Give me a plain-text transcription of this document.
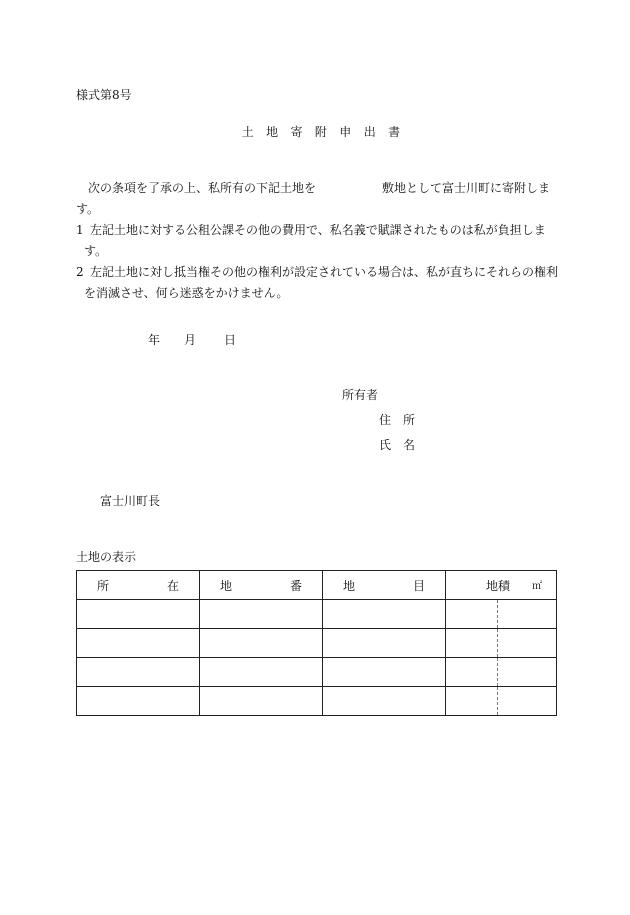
様式第8号
土　地　寄　附　申　出　書
次の条項を了承の上、私所有の下記土地を	敷地として富士川町に寄附します。
1 左記土地に対する公租公課その他の費用で、私名義で賦課されたものは私が負担します。
2 左記土地に対し抵当権その他の権利が設定されている場合は、私が直ちにそれらの権利を消滅させ、何ら迷惑をかけません。
年 月 日
所有者
住　所
氏　名
富士川町長
土地の表示
所 在	地 番	地 目	地積 ㎡	
